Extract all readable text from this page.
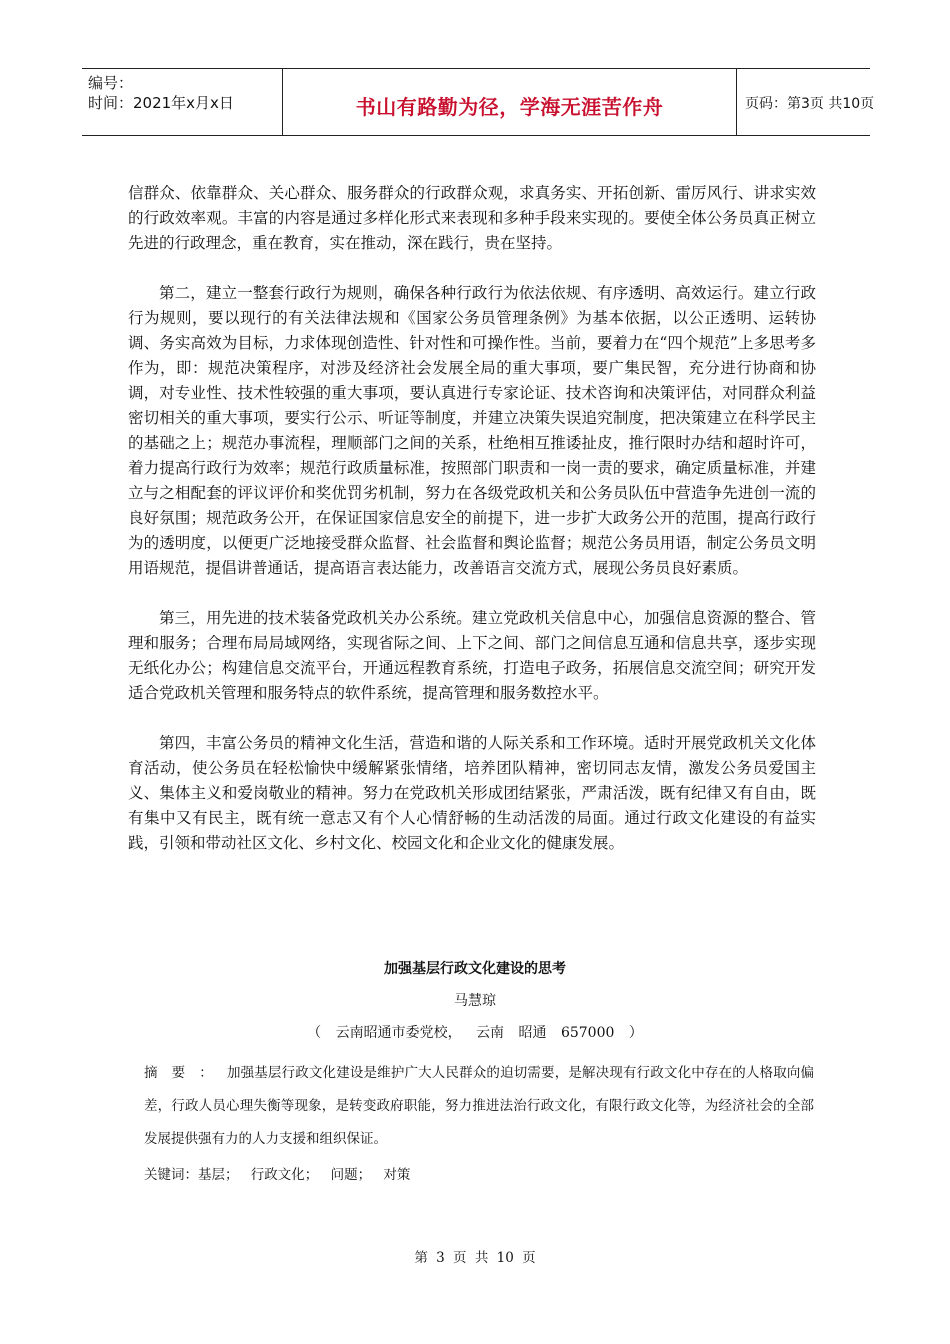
编号：
时间：2021年x月x日	书山有路勤为径，学海无涯苦作舟	页码：第3页 共10页

信群众、依靠群众、关心群众、服务群众的行政群众观，求真务实、开拓创新、雷厉风行、讲求实效的行政效率观。丰富的内容是通过多样化形式来表现和多种手段来实现的。要使全体公务员真正树立先进的行政理念，重在教育，实在推动，深在践行，贵在坚持。

第二，建立一整套行政行为规则，确保各种行政行为依法依规、有序透明、高效运行。建立行政行为规则，要以现行的有关法律法规和《国家公务员管理条例》为基本依据，以公正透明、运转协调、务实高效为目标，力求体现创造性、针对性和可操作性。当前，要着力在“四个规范”上多思考多作为，即：规范决策程序，对涉及经济社会发展全局的重大事项，要广集民智，充分进行协商和协调，对专业性、技术性较强的重大事项，要认真进行专家论证、技术咨询和决策评估，对同群众利益密切相关的重大事项，要实行公示、听证等制度，并建立决策失误追究制度，把决策建立在科学民主的基础之上；规范办事流程，理顺部门之间的关系，杜绝相互推诿扯皮，推行限时办结和超时许可，着力提高行政行为效率；规范行政质量标准，按照部门职责和一岗一责的要求，确定质量标准，并建立与之相配套的评议评价和奖优罚劣机制，努力在各级党政机关和公务员队伍中营造争先进创一流的良好氛围；规范政务公开，在保证国家信息安全的前提下，进一步扩大政务公开的范围，提高行政行为的透明度，以便更广泛地接受群众监督、社会监督和舆论监督；规范公务员用语，制定公务员文明用语规范，提倡讲普通话，提高语言表达能力，改善语言交流方式，展现公务员良好素质。

第三，用先进的技术装备党政机关办公系统。建立党政机关信息中心，加强信息资源的整合、管理和服务；合理布局局域网络，实现省际之间、上下之间、部门之间信息互通和信息共享，逐步实现无纸化办公；构建信息交流平台，开通远程教育系统，打造电子政务，拓展信息交流空间；研究开发适合党政机关管理和服务特点的软件系统，提高管理和服务数控水平。

第四，丰富公务员的精神文化生活，营造和谐的人际关系和工作环境。适时开展党政机关文化体育活动，使公务员在轻松愉快中缓解紧张情绪，培养团队精神，密切同志友情，激发公务员爱国主义、集体主义和爱岗敬业的精神。努力在党政机关形成团结紧张，严肃活泼，既有纪律又有自由，既有集中又有民主，既有统一意志又有个人心情舒畅的生动活泼的局面。通过行政文化建设的有益实践，引领和带动社区文化、乡村文化、校园文化和企业文化的健康发展。

加强基层行政文化建设的思考
马慧琼
（ 云南昭通市委党校， 云南 昭通 657000 ）
摘要：加强基层行政文化建设是维护广大人民群众的迫切需要，是解决现有行政文化中存在的人格取向偏差，行政人员心理失衡等现象，是转变政府职能，努力推进法治行政文化，有限行政文化等，为经济社会的全部发展提供强有力的人力支援和组织保证。
关键词：基层； 行政文化； 问题； 对策
第 3 页 共 10 页
